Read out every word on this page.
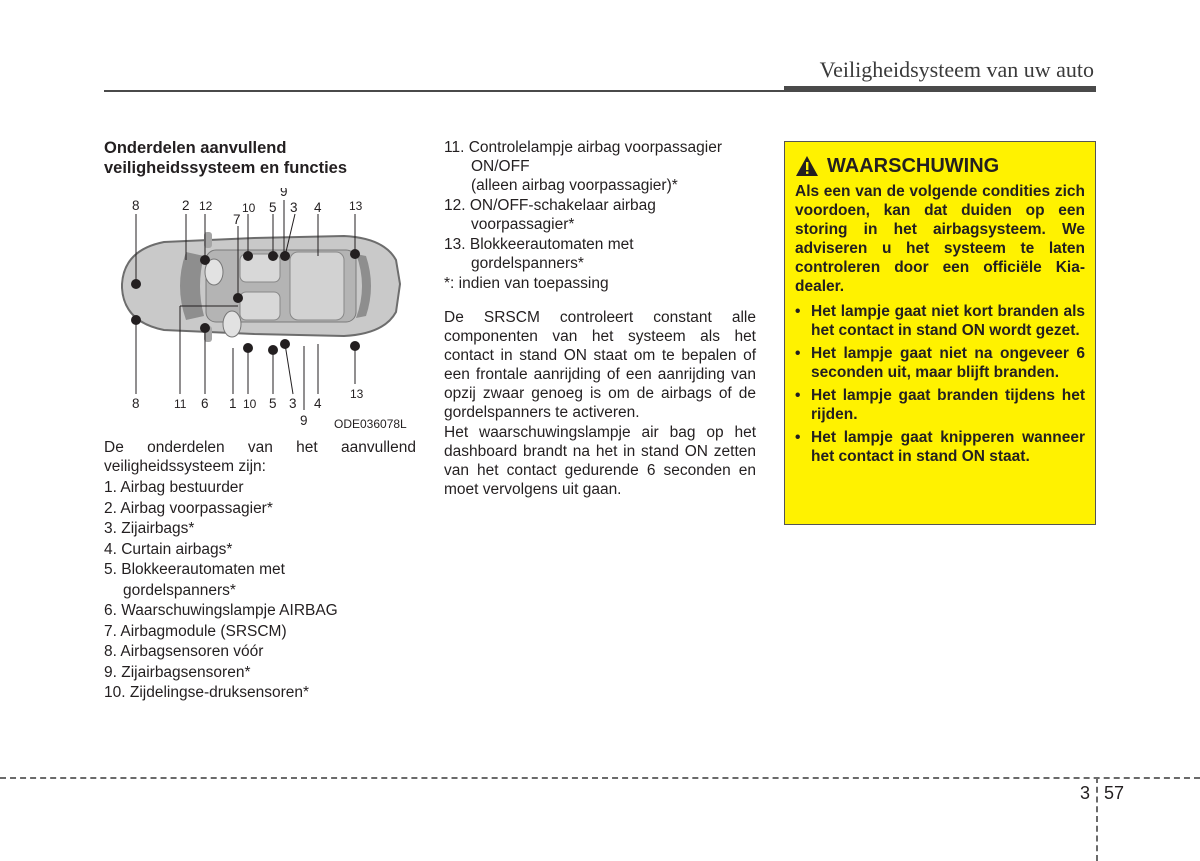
Veiligheidsysteem van uw auto
Onderdelen aanvullend veiligheidssysteem en functies
8	2 12 10 5 3 4 13
9
7
8	11 6 1 10 5 3 4
13
9 ODE036078L

De onderdelen van het aanvullend veiligheidssysteem zijn:

1. Airbag bestuurder
2. Airbag voorpassagier*
3. Zijairbags*
4. Curtain airbags*
5. Blokkeerautomaten met
gordelspanners*
6. Waarschuwingslampje AIRBAG
7. Airbagmodule (SRSCM)
8. Airbagsensoren vóór
9. Zijairbagsensoren*
10. Zijdelingse-druksensoren*
11. Controlelampje airbag voorpassagier
ON/OFF
(alleen airbag voorpassagier)*
12. ON/OFF-schakelaar airbag
voorpassagier*
13. Blokkeerautomaten met
gordelspanners*
*: indien van toepassing

De SRSCM controleert constant alle componenten van het systeem als het contact in stand ON staat om te bepalen of een frontale aanrijding of een aanrijding van opzij zwaar genoeg is om de airbags of de gordelspanners te activeren.

Het waarschuwingslampje air bag op het dashboard brandt na het in stand ON zetten van het contact gedurende 6 seconden en moet vervolgens uit gaan.

WAARSCHUWING
Als een van de volgende condities zich voordoen, kan dat duiden op een storing in het airbagsysteem. We adviseren u het systeem te laten controleren door een officiële Kia-dealer.
• Het lampje gaat niet kort branden als het contact in stand ON wordt gezet.
• Het lampje gaat niet na ongeveer 6 seconden uit, maar blijft branden.
• Het lampje gaat branden tijdens het rijden.
• Het lampje gaat knipperen wanneer het contact in stand ON staat.
3 57
